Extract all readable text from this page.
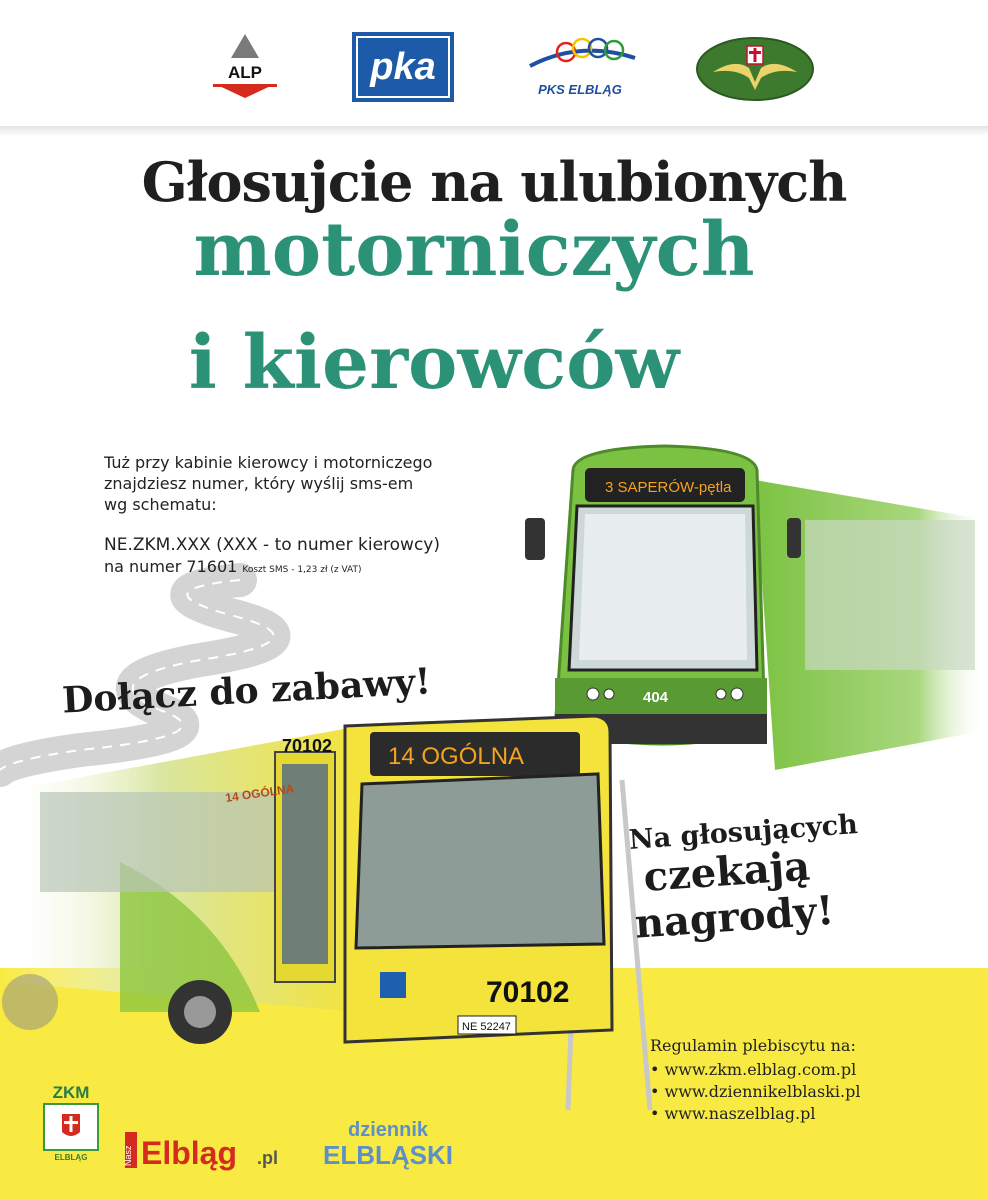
ALP	pka
PKS ELBLĄG
Głosujcie na ulubionych
motorniczych
i kierowców

Tuż przy kabinie kierowcy i motorniczego

znajdziesz numer, który wyślij sms-em

wg schematu:

NE.ZKM.XXX (XXX - to numer kierowcy)

na numer 71601 Koszt SMS - 1,23 zł (z VAT)

3 SAPERÓW-pętla
404

Dołącz do zabawy!

70102
14 OGÓLNA
14 OGÓLNA
70102
NE 52247

Na głosujących
czekają
nagrody!

Regulamin plebiscytu na:
• www.zkm.elblag.com.pl
• www.dziennikelblaski.pl
• www.naszelblag.pl
ZKM
ELBLĄG	Nasz Elbląg .pl
dziennik
ELBLĄSKI
